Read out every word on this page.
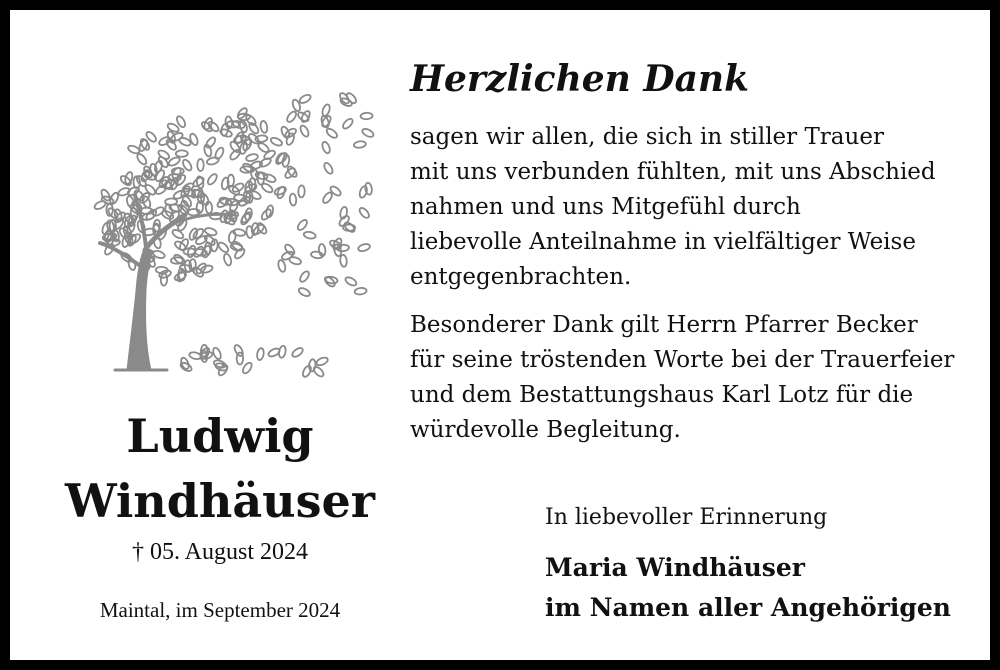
Ludwig
Windhäuser
† 05. August 2024
Maintal, im September 2024
Herzlichen Dank
sagen wir allen, die sich in stiller Trauer
mit uns verbunden fühlten, mit uns Abschied
nahmen und uns Mitgefühl durch
liebevolle Anteilnahme in vielfältiger Weise
entgegenbrachten.
Besonderer Dank gilt Herrn Pfarrer Becker
für seine tröstenden Worte bei der Trauerfeier
und dem Bestattungshaus Karl Lotz für die
würdevolle Begleitung.
In liebevoller Erinnerung
Maria Windhäuser
im Namen aller Angehörigen
